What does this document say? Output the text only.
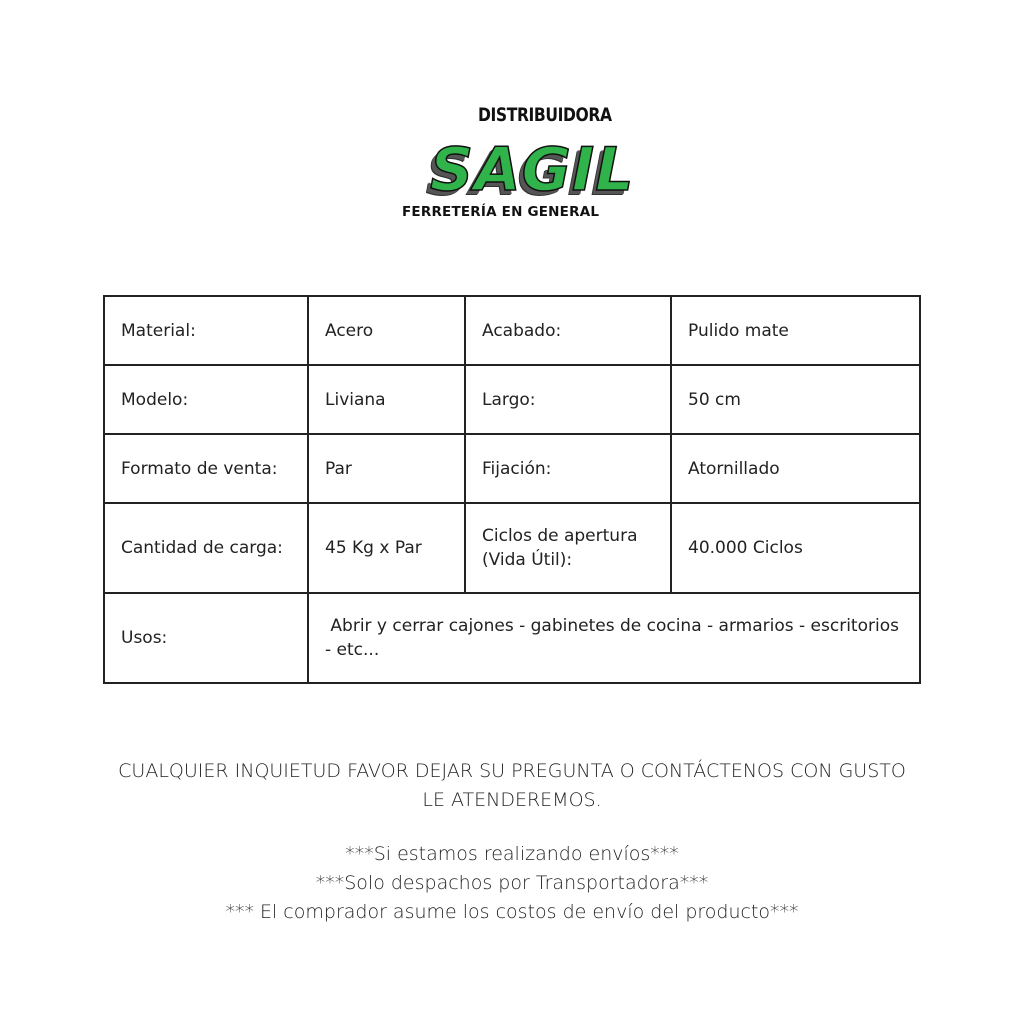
DISTRIBUIDORA
SAGIL
FERRETERÍA EN GENERAL
Material:	Acero	Acabado:	Pulido mate
Modelo:	Liviana	Largo:	50 cm
Formato de venta:	Par	Fijación:	Atornillado
Cantidad de carga:	45 Kg x Par	Ciclos de apertura (Vida Útil):	40.000 Ciclos
Usos:	Abrir y cerrar cajones - gabinetes de cocina - armarios - escritorios - etc...		
CUALQUIER INQUIETUD FAVOR DEJAR SU PREGUNTA O CONTÁCTENOS CON GUSTO
LE ATENDEREMOS.
***Si estamos realizando envíos***
***Solo despachos por Transportadora***
*** El comprador asume los costos de envío del producto***
